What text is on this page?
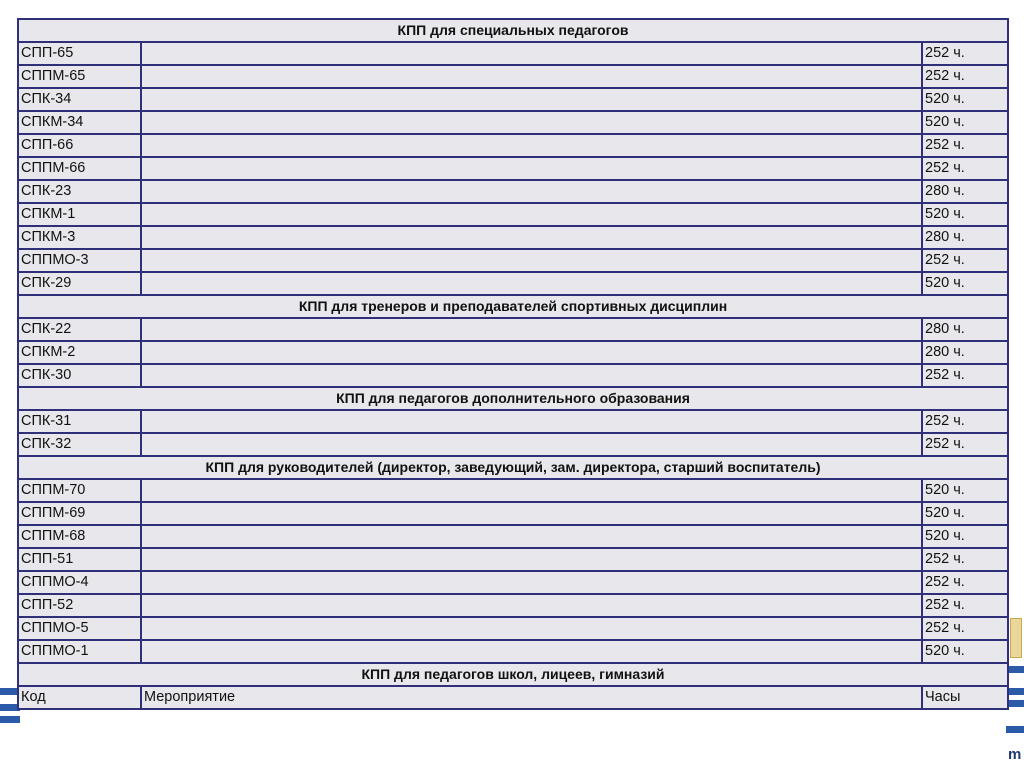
m
КПП для специальных педагогов		
СПП-65		252 ч.
СППМ-65		252 ч.
СПК-34		520 ч.
СПКМ-34		520 ч.
СПП-66		252 ч.
СППМ-66		252 ч.
СПК-23		280 ч.
СПКМ-1		520 ч.
СПКМ-3		280 ч.
СППМО-3		252 ч.
СПК-29		520 ч.
КПП для тренеров и преподавателей спортивных дисциплин		
СПК-22		280 ч.
СПКМ-2		280 ч.
СПК-30		252 ч.
КПП для педагогов дополнительного образования		
СПК-31		252 ч.
СПК-32		252 ч.
КПП для руководителей (директор, заведующий, зам. директора, старший воспитатель)		
СППМ-70		520 ч.
СППМ-69		520 ч.
СППМ-68		520 ч.
СПП-51		252 ч.
СППМО-4		252 ч.
СПП-52		252 ч.
СППМО-5		252 ч.
СППМО-1		520 ч.
КПП для педагогов школ, лицеев, гимназий		
Код	Мероприятие	Часы
